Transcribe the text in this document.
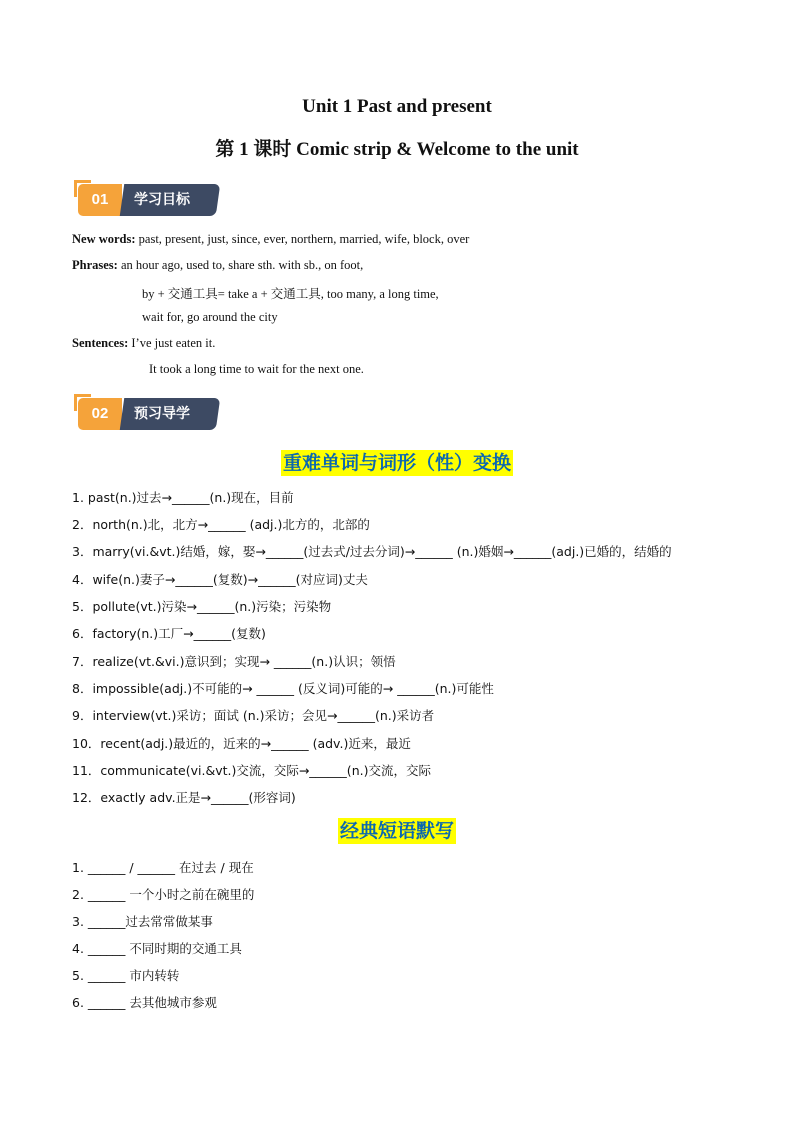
Unit 1 Past and present
第 1 课时 Comic strip & Welcome to the unit
01	学习目标
New words: past, present, just, since, ever, northern, married, wife, block, over
Phrases: an hour ago, used to, share sth. with sb., on foot,
by + 交通工具= take a + 交通工具, too many, a long time,
wait for, go around the city
Sentences: I’ve just eaten it.
It took a long time to wait for the next one.
02	预习导学
重难单词与词形（性）变换
1. past(n.)过去→______(n.)现在，目前
2．north(n.)北，北方→______ (adj.)北方的，北部的
3．marry(vi.&vt.)结婚，嫁，娶→______(过去式/过去分词)→______ (n.)婚姻→______(adj.)已婚的，结婚的
4．wife(n.)妻子→______(复数)→______(对应词)丈夫
5．pollute(vt.)污染→______(n.)污染；污染物
6．factory(n.)工厂→______(复数)
7．realize(vt.&vi.)意识到；实现→ ______(n.)认识；领悟
8．impossible(adj.)不可能的→ ______ (反义词)可能的→ ______(n.)可能性
9．interview(vt.)采访；面试 (n.)采访；会见→______(n.)采访者
10．recent(adj.)最近的，近来的→______ (adv.)近来，最近
11．communicate(vi.&vt.)交流，交际→______(n.)交流，交际
12．exactly adv.正是→______(形容词)
经典短语默写
1. ______ / ______ 在过去 / 现在
2. ______ 一个小时之前在碗里的
3. ______过去常常做某事
4. ______ 不同时期的交通工具
5. ______ 市内转转
6. ______ 去其他城市参观
